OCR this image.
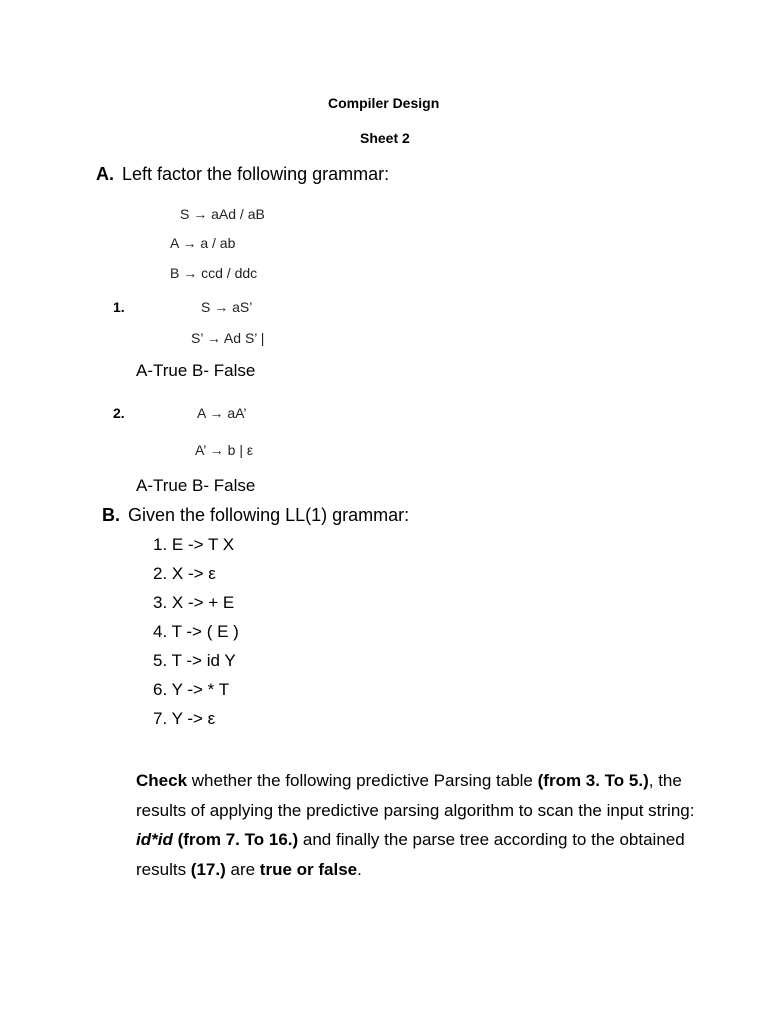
Compiler Design
Sheet 2
A. Left factor the following grammar:
S → aAd / aB
A → a / ab
B → ccd / ddc
1.	S → aS’
S’ → Ad S’ |
A-True B- False
2.	A → aA’
A’ → b | ε
A-True B- False
B. Given the following LL(1) grammar:
1. E -> T X
2. X -> ε
3. X -> + E
4. T -> ( E )
5. T -> id Y
6. Y -> * T
7. Y -> ε
Check whether the following predictive Parsing table (from 3. To 5.), the results of applying the predictive parsing algorithm to scan the input string: id*id (from 7. To 16.) and finally the parse tree according to the obtained results (17.) are true or false.
